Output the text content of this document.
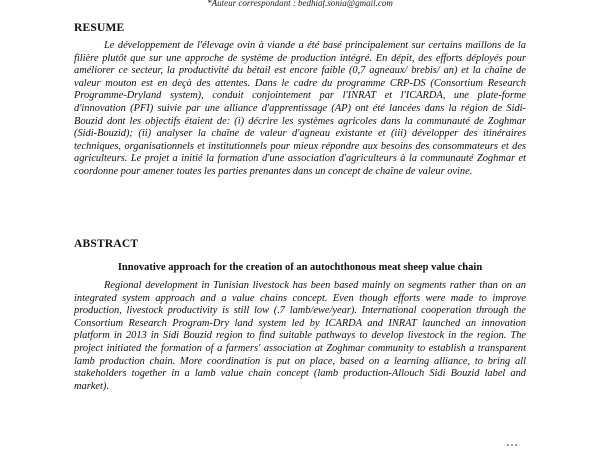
*Auteur correspondant : bedhiaf.sonia@gmail.com
RESUME

Le développement de l'élevage ovin à viande a été basé principalement sur certains maillons de la filière plutôt que sur une approche de système de production intégré. En dépit, des efforts déployés pour améliorer ce secteur, la productivité du bétail est encore faible (0,7 agneaux/ brebis/ an) et la chaîne de valeur mouton est en deçà des attentes. Dans le cadre du programme CRP-DS (Consortium Research Programme-Dryland system), conduit conjointement par l'INRAT et l'ICARDA, une plate-forme d'innovation (PFI) suivie par une alliance d'apprentissage (AP) ont été lancées dans la région de Sidi-Bouzid dont les objectifs étaient de: (i) décrire les systèmes agricoles dans la communauté de Zoghmar (Sidi-Bouzid); (ii) analyser la chaîne de valeur d'agneau existante et (iii) développer des itinéraires techniques, organisationnels et institutionnels pour mieux répondre aux besoins des consommateurs et des agriculteurs. Le projet a initié la formation d'une association d'agriculteurs à la communauté Zoghmar et coordonne pour amener toutes les parties prenantes dans un concept de chaîne de valeur ovine.

ABSTRACT
Innovative approach for the creation of an autochthonous meat sheep value chain

Regional development in Tunisian livestock has been based mainly on segments rather than on an integrated system approach and a value chains concept. Even though efforts were made to improve production, livestock productivity is still low (.7 lamb/ewe/year). International cooperation through the Consortium Research Program-Dry land system led by ICARDA and INRAT launched an innovation platform in 2013 in Sidi Bouzid region to find suitable pathways to develop livestock in the region. The project initiated the formation of a farmers' association at Zoghmar community to establish a transparent lamb production chain. More coordination is put on place, based on a learning alliance, to bring all stakeholders together in a lamb value chain concept (lamb production-Allouch Sidi Bouzid label and market).
